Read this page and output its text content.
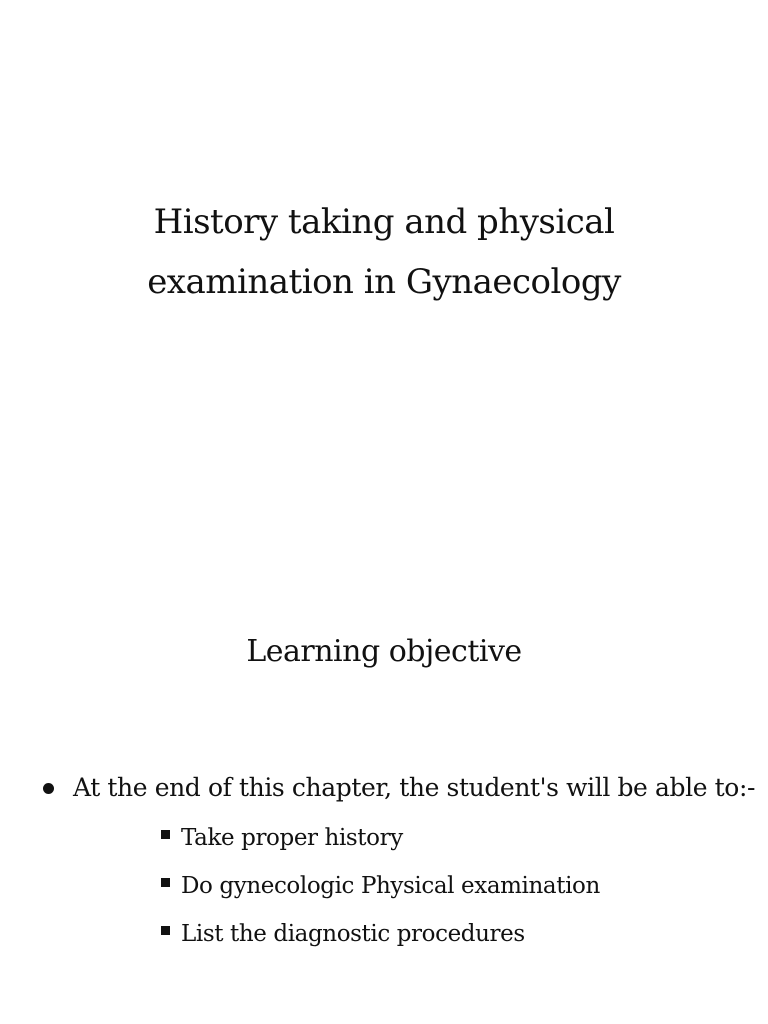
History taking and physical
examination in Gynaecology
Learning objective
At the end of this chapter, the student's will be able to:-
Take proper history
Do gynecologic Physical examination
List the diagnostic procedures
